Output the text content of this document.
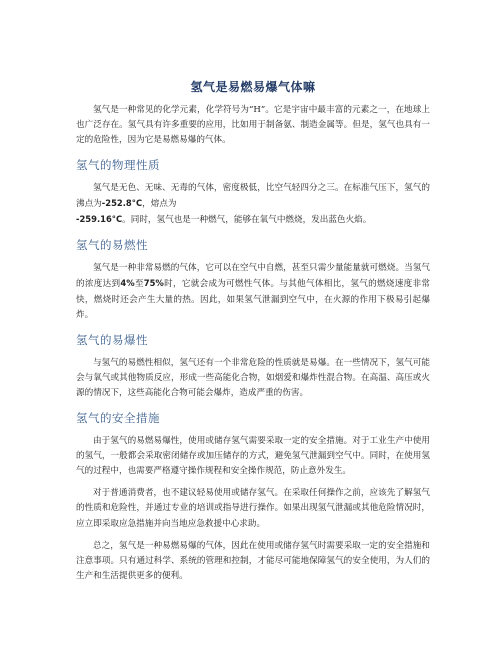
氢气是易燃易爆气体嘛

氢气是一种常见的化学元素，化学符号为“H”。它是宇宙中最丰富的元素之一，在地球上也广泛存在。氢气具有许多重要的应用，比如用于制备氨、制造金属等。但是，氢气也具有一定的危险性，因为它是易燃易爆的气体。

氢气的物理性质

氢气是无色、无味、无毒的气体，密度极低，比空气轻四分之三。在标准气压下，氢气的沸点为-252.8°C，熔点为
-259.16°C。同时，氢气也是一种燃气，能够在氧气中燃烧，发出蓝色火焰。

氢气的易燃性

氢气是一种非常易燃的气体，它可以在空气中自燃，甚至只需少量能量就可燃烧。当氢气的浓度达到4%至75%时，它就会成为可燃性气体。与其他气体相比，氢气的燃烧速度非常快，燃烧时还会产生大量的热。因此，如果氢气泄漏到空气中，在火源的作用下极易引起爆炸。

氢气的易爆性

与氢气的易燃性相似，氢气还有一个非常危险的性质就是易爆。在一些情况下，氢气可能会与氧气或其他物质反应，形成一些高能化合物，如烟爱和爆炸性混合物。在高温、高压或火源的情况下，这些高能化合物可能会爆炸，造成严重的伤害。

氢气的安全措施

由于氢气的易燃易爆性，使用或储存氢气需要采取一定的安全措施。对于工业生产中使用的氢气，一般都会采取密闭储存或加压储存的方式，避免氢气泄漏到空气中。同时，在使用氢气的过程中，也需要严格遵守操作规程和安全操作规范，防止意外发生。

对于普通消费者，也不建议轻易使用或储存氢气。在采取任何操作之前，应该先了解氢气的性质和危险性，并通过专业的培训或指导进行操作。如果出现氢气泄漏或其他危险情况时，应立即采取应急措施并向当地应急救援中心求助。

总之，氢气是一种易燃易爆的气体，因此在使用或储存氢气时需要采取一定的安全措施和注意事项。只有通过科学、系统的管理和控制，才能尽可能地保障氢气的安全使用，为人们的生产和生活提供更多的便利。
